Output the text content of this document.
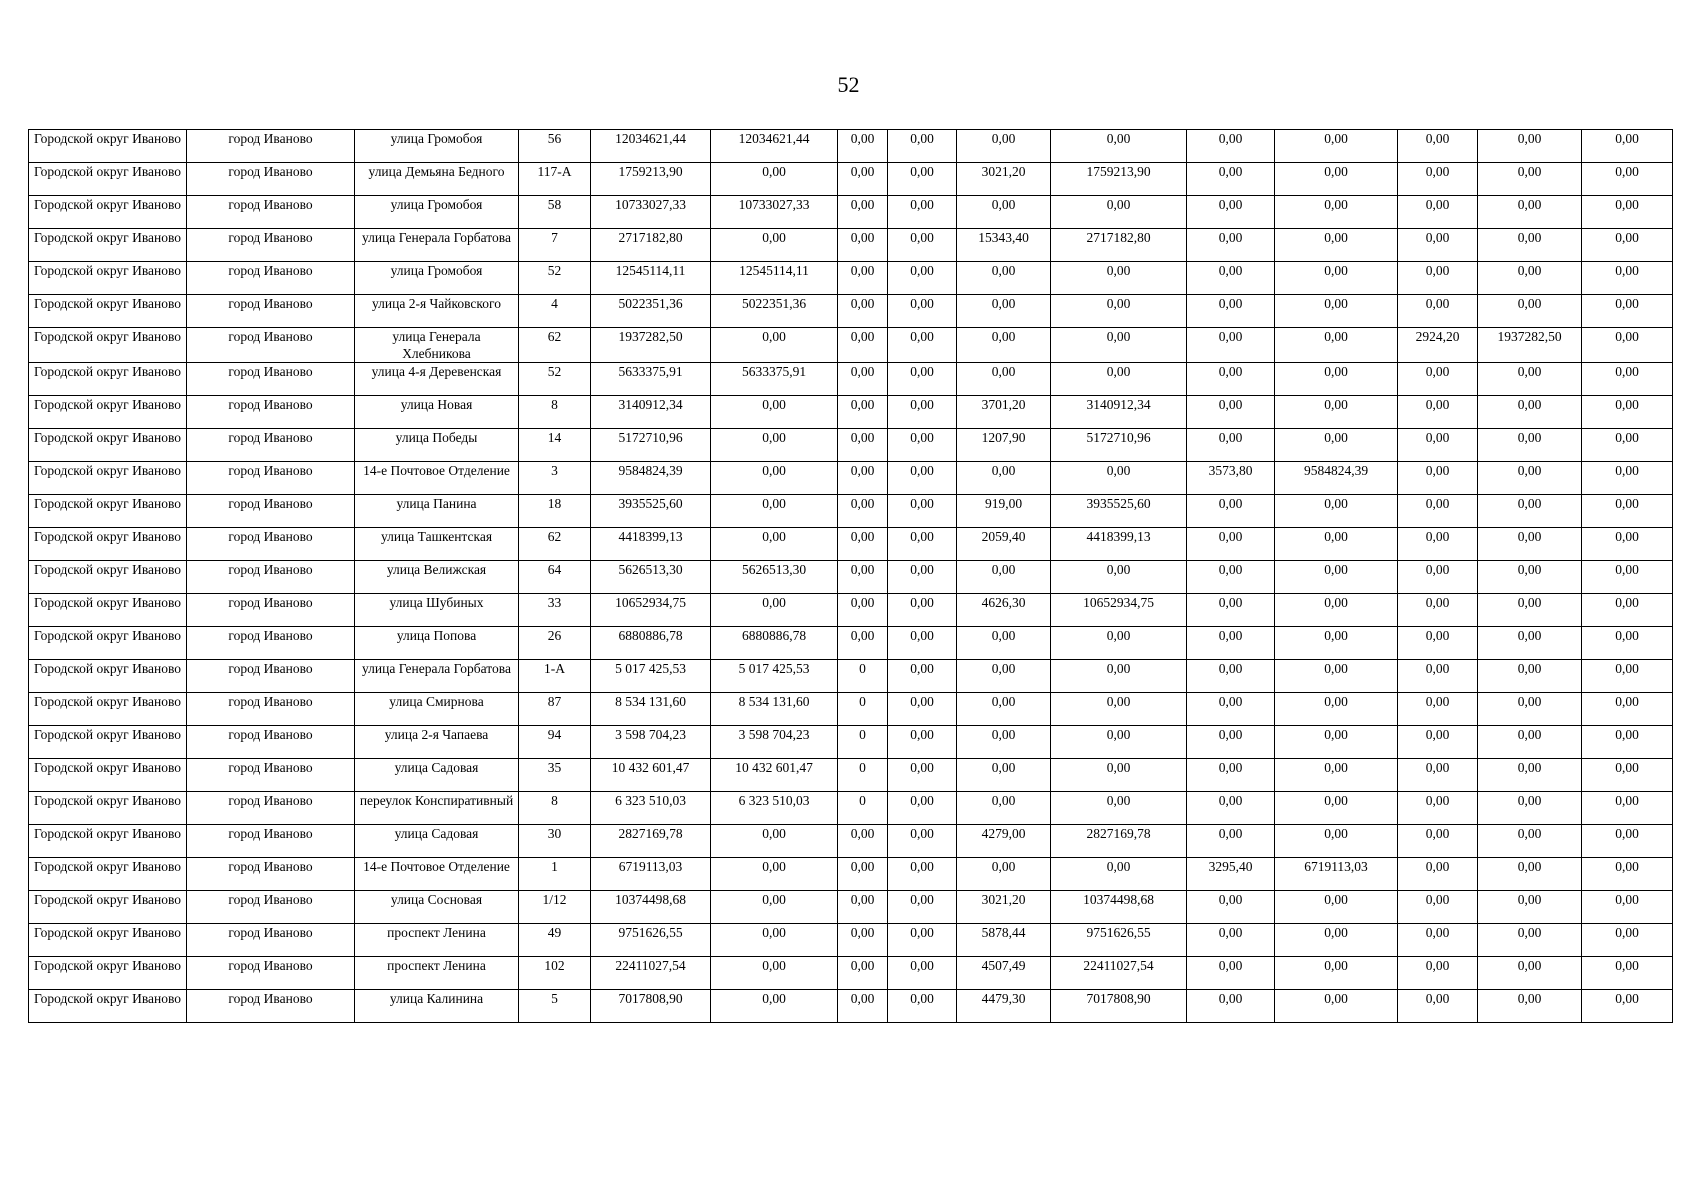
52
Городской округ Иваново	город Иваново	улица Громобоя	56	12034621,44	12034621,44	0,00	0,00	0,00	0,00	0,00	0,00	0,00	0,00	0,00
Городской округ Иваново	город Иваново	улица Демьяна Бедного	117-А	1759213,90	0,00	0,00	0,00	3021,20	1759213,90	0,00	0,00	0,00	0,00	0,00
Городской округ Иваново	город Иваново	улица Громобоя	58	10733027,33	10733027,33	0,00	0,00	0,00	0,00	0,00	0,00	0,00	0,00	0,00
Городской округ Иваново	город Иваново	улица Генерала Горбатова	7	2717182,80	0,00	0,00	0,00	15343,40	2717182,80	0,00	0,00	0,00	0,00	0,00
Городской округ Иваново	город Иваново	улица Громобоя	52	12545114,11	12545114,11	0,00	0,00	0,00	0,00	0,00	0,00	0,00	0,00	0,00
Городской округ Иваново	город Иваново	улица 2-я Чайковского	4	5022351,36	5022351,36	0,00	0,00	0,00	0,00	0,00	0,00	0,00	0,00	0,00
Городской округ Иваново	город Иваново	улица Генерала Хлебникова	62	1937282,50	0,00	0,00	0,00	0,00	0,00	0,00	0,00	2924,20	1937282,50	0,00
Городской округ Иваново	город Иваново	улица 4-я Деревенская	52	5633375,91	5633375,91	0,00	0,00	0,00	0,00	0,00	0,00	0,00	0,00	0,00
Городской округ Иваново	город Иваново	улица Новая	8	3140912,34	0,00	0,00	0,00	3701,20	3140912,34	0,00	0,00	0,00	0,00	0,00
Городской округ Иваново	город Иваново	улица Победы	14	5172710,96	0,00	0,00	0,00	1207,90	5172710,96	0,00	0,00	0,00	0,00	0,00
Городской округ Иваново	город Иваново	14-е Почтовое Отделение	3	9584824,39	0,00	0,00	0,00	0,00	0,00	3573,80	9584824,39	0,00	0,00	0,00
Городской округ Иваново	город Иваново	улица Панина	18	3935525,60	0,00	0,00	0,00	919,00	3935525,60	0,00	0,00	0,00	0,00	0,00
Городской округ Иваново	город Иваново	улица Ташкентская	62	4418399,13	0,00	0,00	0,00	2059,40	4418399,13	0,00	0,00	0,00	0,00	0,00
Городской округ Иваново	город Иваново	улица Велижская	64	5626513,30	5626513,30	0,00	0,00	0,00	0,00	0,00	0,00	0,00	0,00	0,00
Городской округ Иваново	город Иваново	улица Шубиных	33	10652934,75	0,00	0,00	0,00	4626,30	10652934,75	0,00	0,00	0,00	0,00	0,00
Городской округ Иваново	город Иваново	улица Попова	26	6880886,78	6880886,78	0,00	0,00	0,00	0,00	0,00	0,00	0,00	0,00	0,00
Городской округ Иваново	город Иваново	улица Генерала Горбатова	1-А	5 017 425,53	5 017 425,53	0	0,00	0,00	0,00	0,00	0,00	0,00	0,00	0,00
Городской округ Иваново	город Иваново	улица Смирнова	87	8 534 131,60	8 534 131,60	0	0,00	0,00	0,00	0,00	0,00	0,00	0,00	0,00
Городской округ Иваново	город Иваново	улица 2-я Чапаева	94	3 598 704,23	3 598 704,23	0	0,00	0,00	0,00	0,00	0,00	0,00	0,00	0,00
Городской округ Иваново	город Иваново	улица Садовая	35	10 432 601,47	10 432 601,47	0	0,00	0,00	0,00	0,00	0,00	0,00	0,00	0,00
Городской округ Иваново	город Иваново	переулок Конспиративный	8	6 323 510,03	6 323 510,03	0	0,00	0,00	0,00	0,00	0,00	0,00	0,00	0,00
Городской округ Иваново	город Иваново	улица Садовая	30	2827169,78	0,00	0,00	0,00	4279,00	2827169,78	0,00	0,00	0,00	0,00	0,00
Городской округ Иваново	город Иваново	14-е Почтовое Отделение	1	6719113,03	0,00	0,00	0,00	0,00	0,00	3295,40	6719113,03	0,00	0,00	0,00
Городской округ Иваново	город Иваново	улица Сосновая	1/12	10374498,68	0,00	0,00	0,00	3021,20	10374498,68	0,00	0,00	0,00	0,00	0,00
Городской округ Иваново	город Иваново	проспект Ленина	49	9751626,55	0,00	0,00	0,00	5878,44	9751626,55	0,00	0,00	0,00	0,00	0,00
Городской округ Иваново	город Иваново	проспект Ленина	102	22411027,54	0,00	0,00	0,00	4507,49	22411027,54	0,00	0,00	0,00	0,00	0,00
Городской округ Иваново	город Иваново	улица Калинина	5	7017808,90	0,00	0,00	0,00	4479,30	7017808,90	0,00	0,00	0,00	0,00	0,00
